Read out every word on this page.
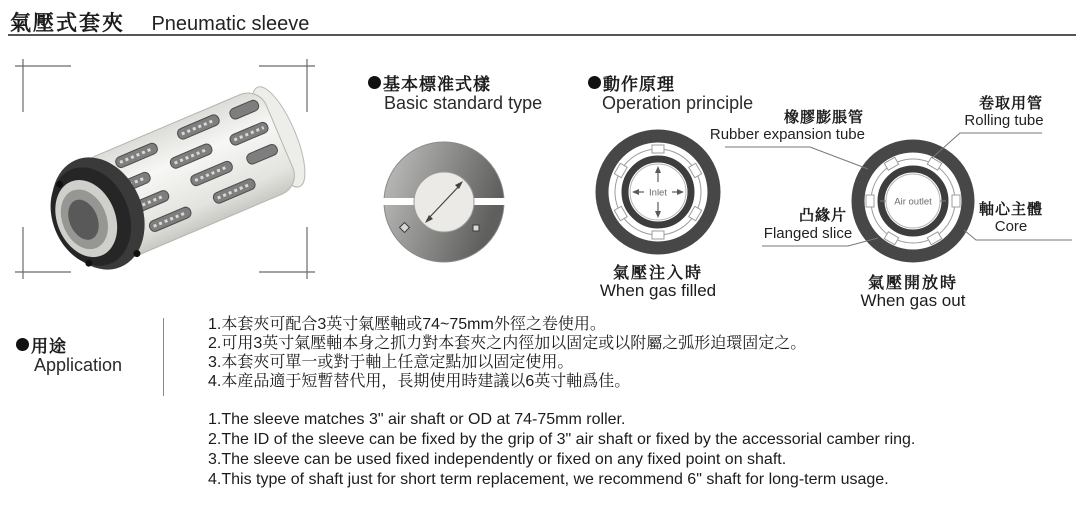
氣壓式套夾 Pneumatic sleeve
基本標准式樣
Basic standard type
動作原理
Operation principle
Inlet
氣壓注入時
When gas filled
Air outlet
氣壓開放時
When gas out
橡膠膨脹管
Rubber expansion tube
卷取用管
Rolling tube
凸緣片
Flanged slice
軸心主體
Core
用途
Application
1.本套夾可配合3英寸氣壓軸或74~75mm外徑之卷使用。
2.可用3英寸氣壓軸本身之抓力對本套夾之内徑加以固定或以附屬之弧形迫環固定之。
3.本套夾可單一或對于軸上任意定點加以固定使用。
4.本産品適于短暫替代用，長期使用時建議以6英寸軸爲佳。
1.The sleeve matches 3" air shaft or OD at 74-75mm roller.
2.The ID of the sleeve can be fixed by the grip of 3" air shaft or fixed by the accessorial camber ring.
3.The sleeve can be used fixed independently or fixed on any fixed point on shaft.
4.This type of shaft just for short term replacement, we recommend 6" shaft for long-term usage.
